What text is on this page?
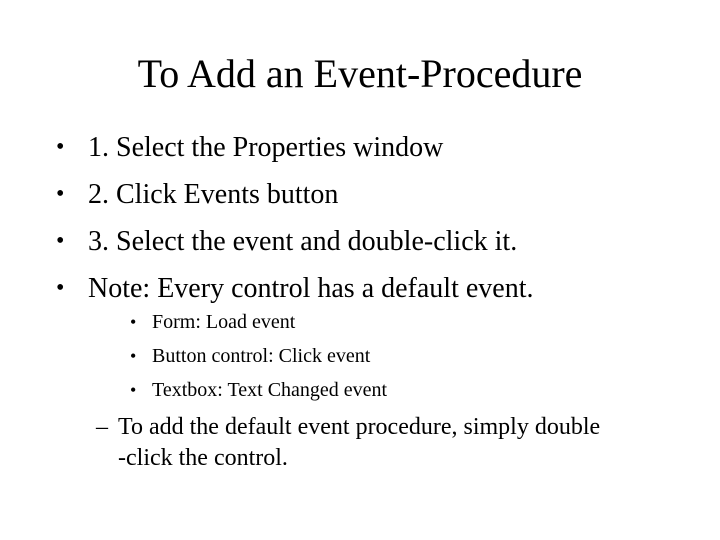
To Add an Event-Procedure
• 1. Select the Properties window
• 2. Click Events button
• 3. Select the event and double-click it.
• Note: Every control has a default event.
• Form: Load event
• Button control: Click event
• Textbox: Text Changed event
– To add the default event procedure, simply double
-click the control.
